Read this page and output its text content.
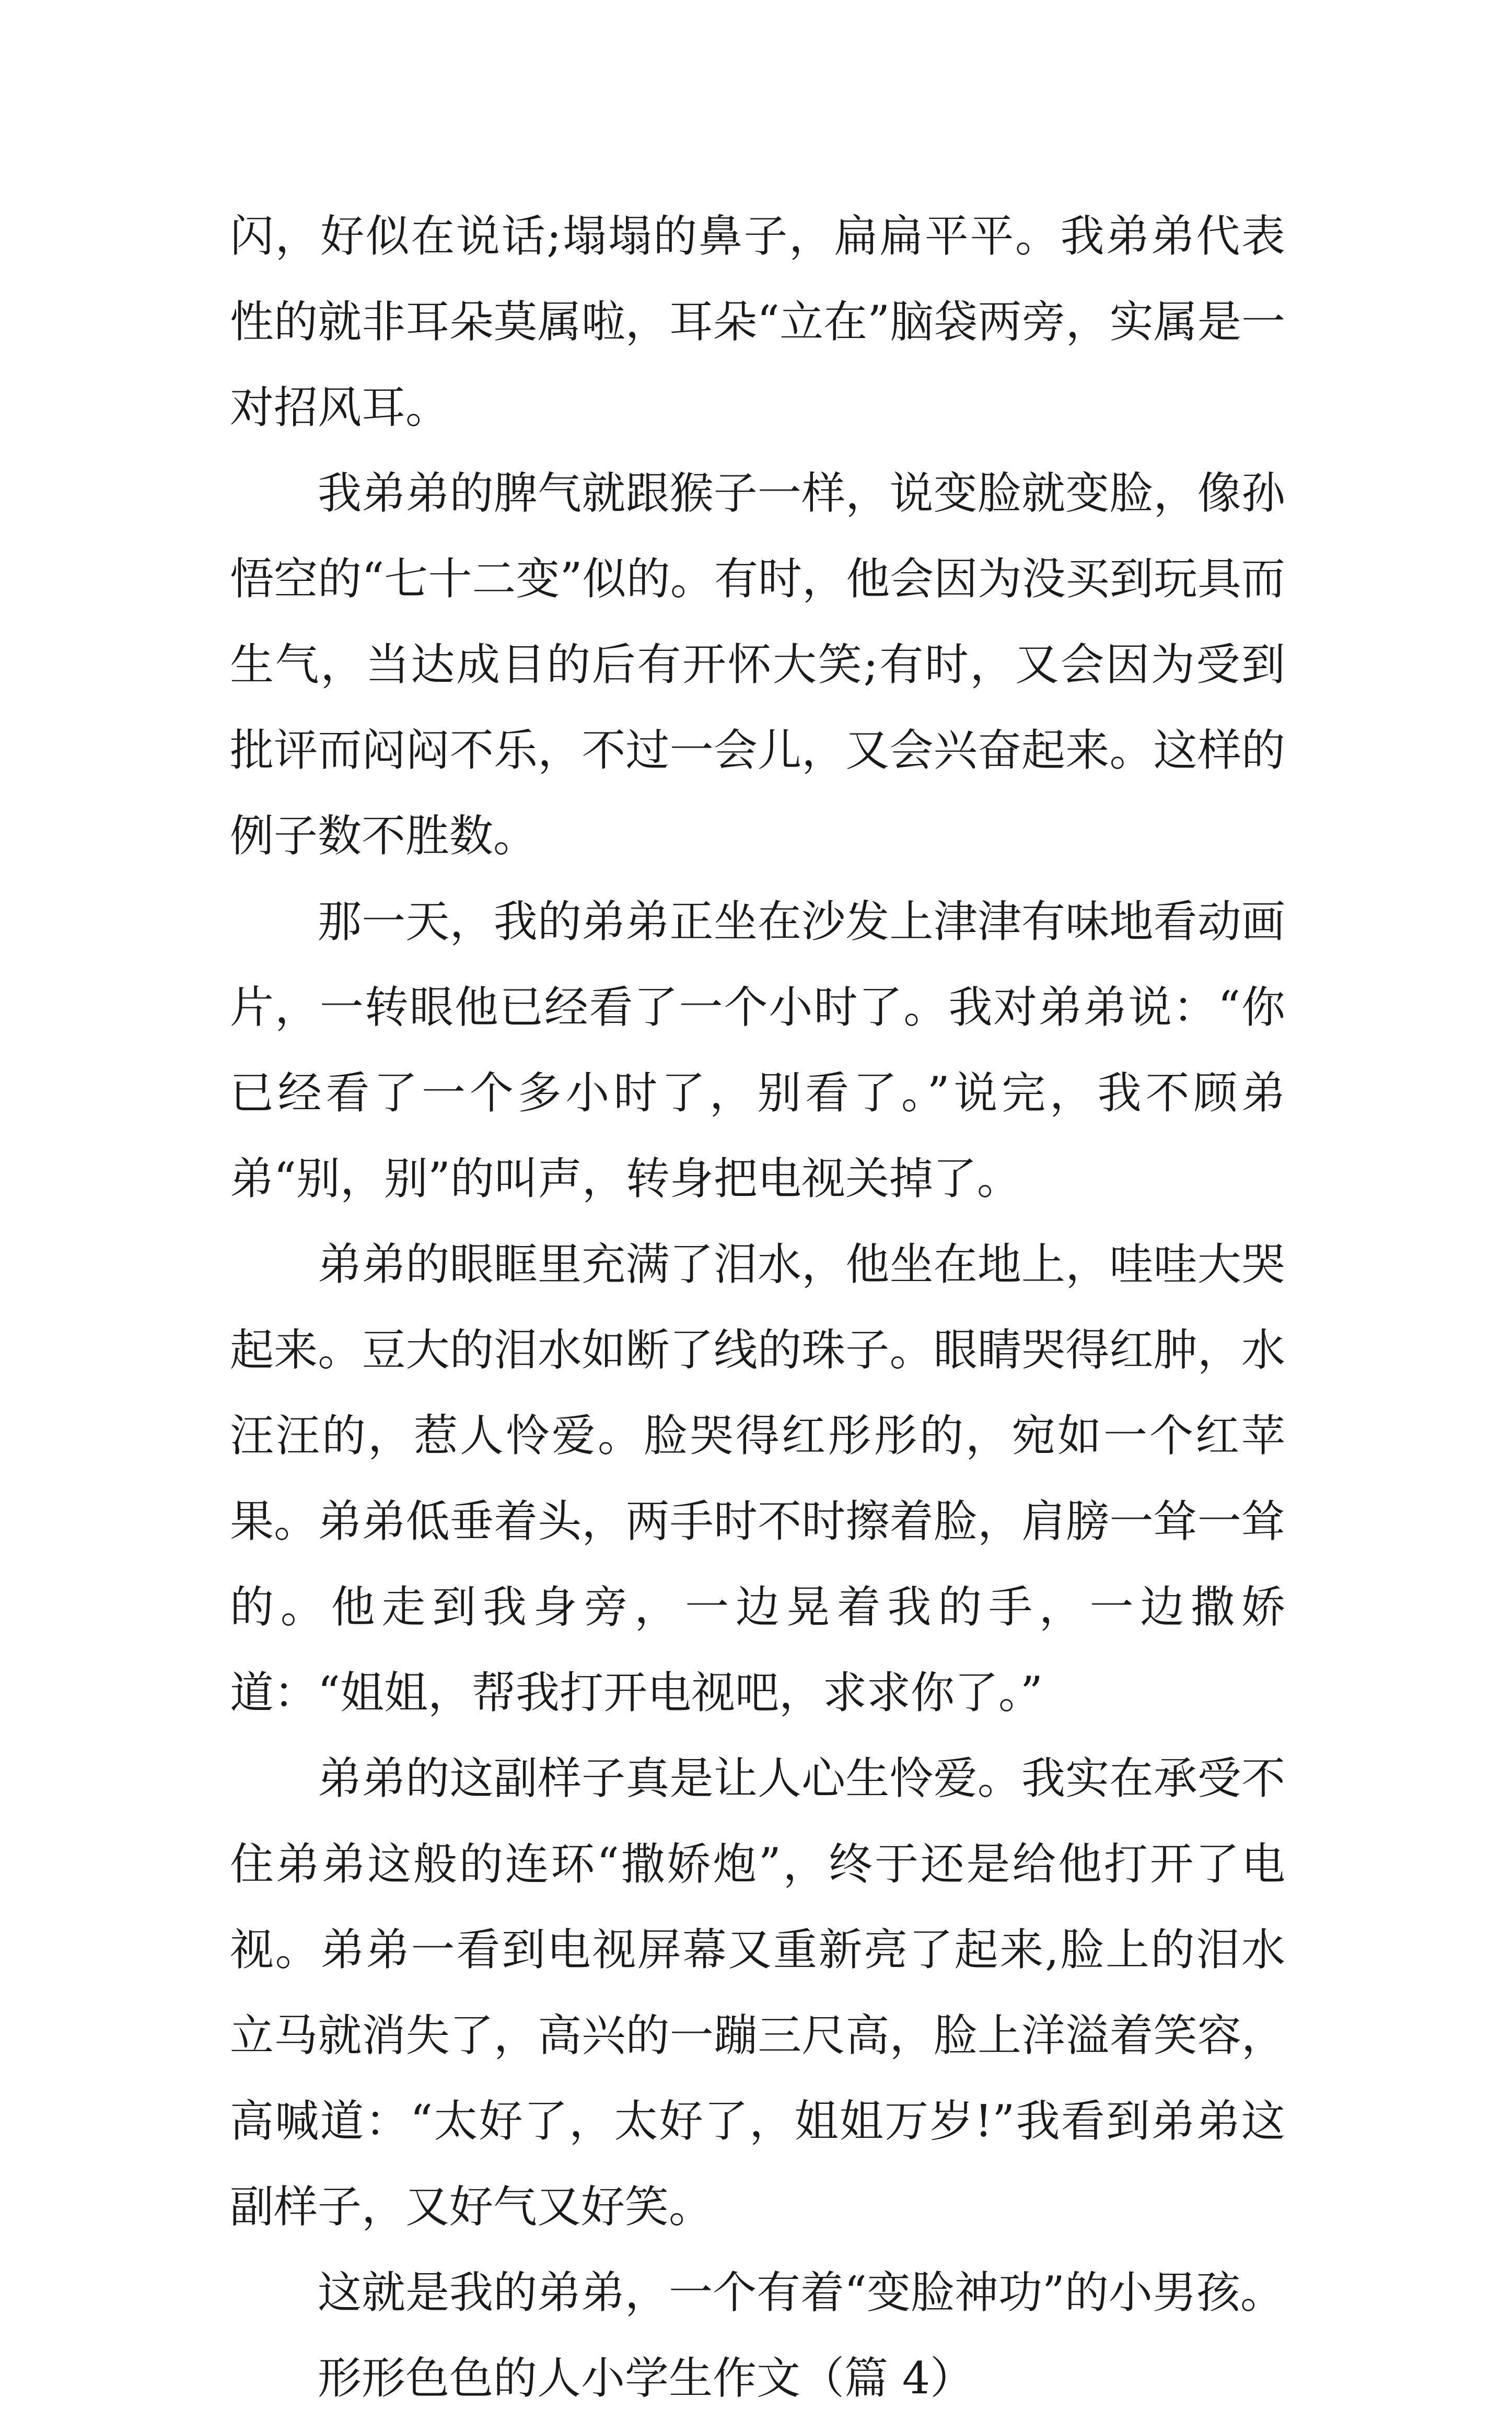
闪，好似在说话;塌塌的鼻子，扁扁平平。我弟弟代表性的就非耳朵莫属啦，耳朵“立在”脑袋两旁，实属是一对招风耳。

我弟弟的脾气就跟猴子一样，说变脸就变脸，像孙悟空的“七十二变”似的。有时，他会因为没买到玩具而生气，当达成目的后有开怀大笑;有时，又会因为受到批评而闷闷不乐，不过一会儿，又会兴奋起来。这样的例子数不胜数。

那一天，我的弟弟正坐在沙发上津津有味地看动画片，一转眼他已经看了一个小时了。我对弟弟说：“你已经看了一个多小时了，别看了。”说完，我不顾弟弟“别，别”的叫声，转身把电视关掉了。

弟弟的眼眶里充满了泪水，他坐在地上，哇哇大哭起来。豆大的泪水如断了线的珠子。眼睛哭得红肿，水汪汪的，惹人怜爱。脸哭得红彤彤的，宛如一个红苹果。弟弟低垂着头，两手时不时擦着脸，肩膀一耸一耸的。他走到我身旁，一边晃着我的手，一边撒娇道：“姐姐，帮我打开电视吧，求求你了。”

弟弟的这副样子真是让人心生怜爱。我实在承受不住弟弟这般的连环“撒娇炮”，终于还是给他打开了电视。弟弟一看到电视屏幕又重新亮了起来,脸上的泪水立马就消失了，高兴的一蹦三尺高，脸上洋溢着笑容，高喊道：“太好了，太好了，姐姐万岁!”我看到弟弟这副样子，又好气又好笑。

这就是我的弟弟，一个有着“变脸神功”的小男孩。

形形色色的人小学生作文（篇 4）
